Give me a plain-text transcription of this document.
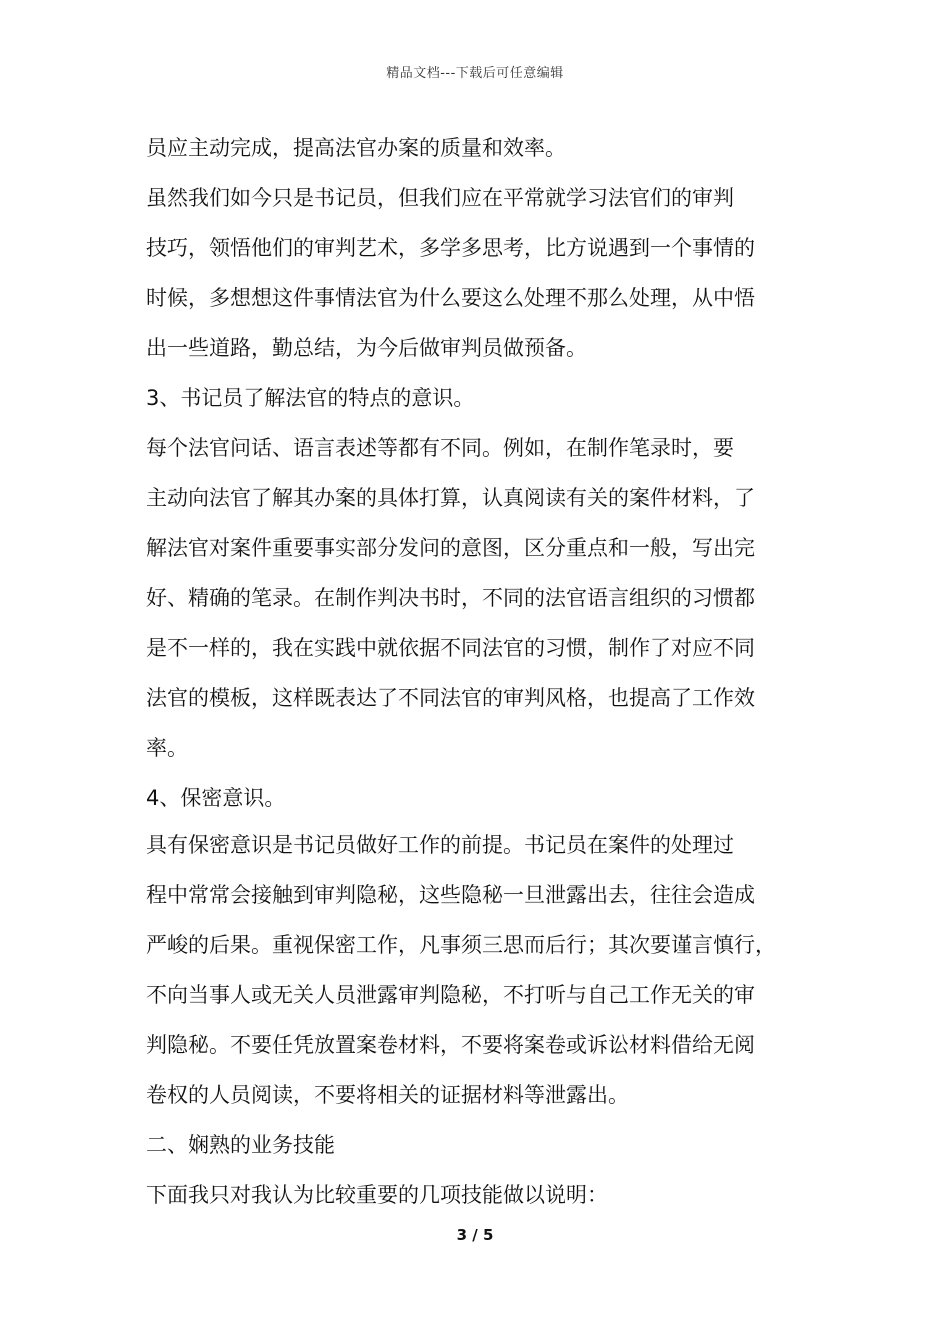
精品文档---下载后可任意编辑
员应主动完成，提高法官办案的质量和效率。
虽然我们如今只是书记员，但我们应在平常就学习法官们的审判
技巧，领悟他们的审判艺术，多学多思考，比方说遇到一个事情的
时候，多想想这件事情法官为什么要这么处理不那么处理，从中悟
出一些道路，勤总结，为今后做审判员做预备。
3、书记员了解法官的特点的意识。
每个法官问话、语言表述等都有不同。例如，在制作笔录时，要
主动向法官了解其办案的具体打算，认真阅读有关的案件材料，了
解法官对案件重要事实部分发问的意图，区分重点和一般，写出完
好、精确的笔录。在制作判决书时，不同的法官语言组织的习惯都
是不一样的，我在实践中就依据不同法官的习惯，制作了对应不同
法官的模板，这样既表达了不同法官的审判风格，也提高了工作效
率。
4、保密意识。
具有保密意识是书记员做好工作的前提。书记员在案件的处理过
程中常常会接触到审判隐秘，这些隐秘一旦泄露出去，往往会造成
严峻的后果。重视保密工作，凡事须三思而后行；其次要谨言慎行，
不向当事人或无关人员泄露审判隐秘，不打听与自己工作无关的审
判隐秘。不要任凭放置案卷材料，不要将案卷或诉讼材料借给无阅
卷权的人员阅读，不要将相关的证据材料等泄露出。
二、娴熟的业务技能
下面我只对我认为比较重要的几项技能做以说明：
3 / 5
